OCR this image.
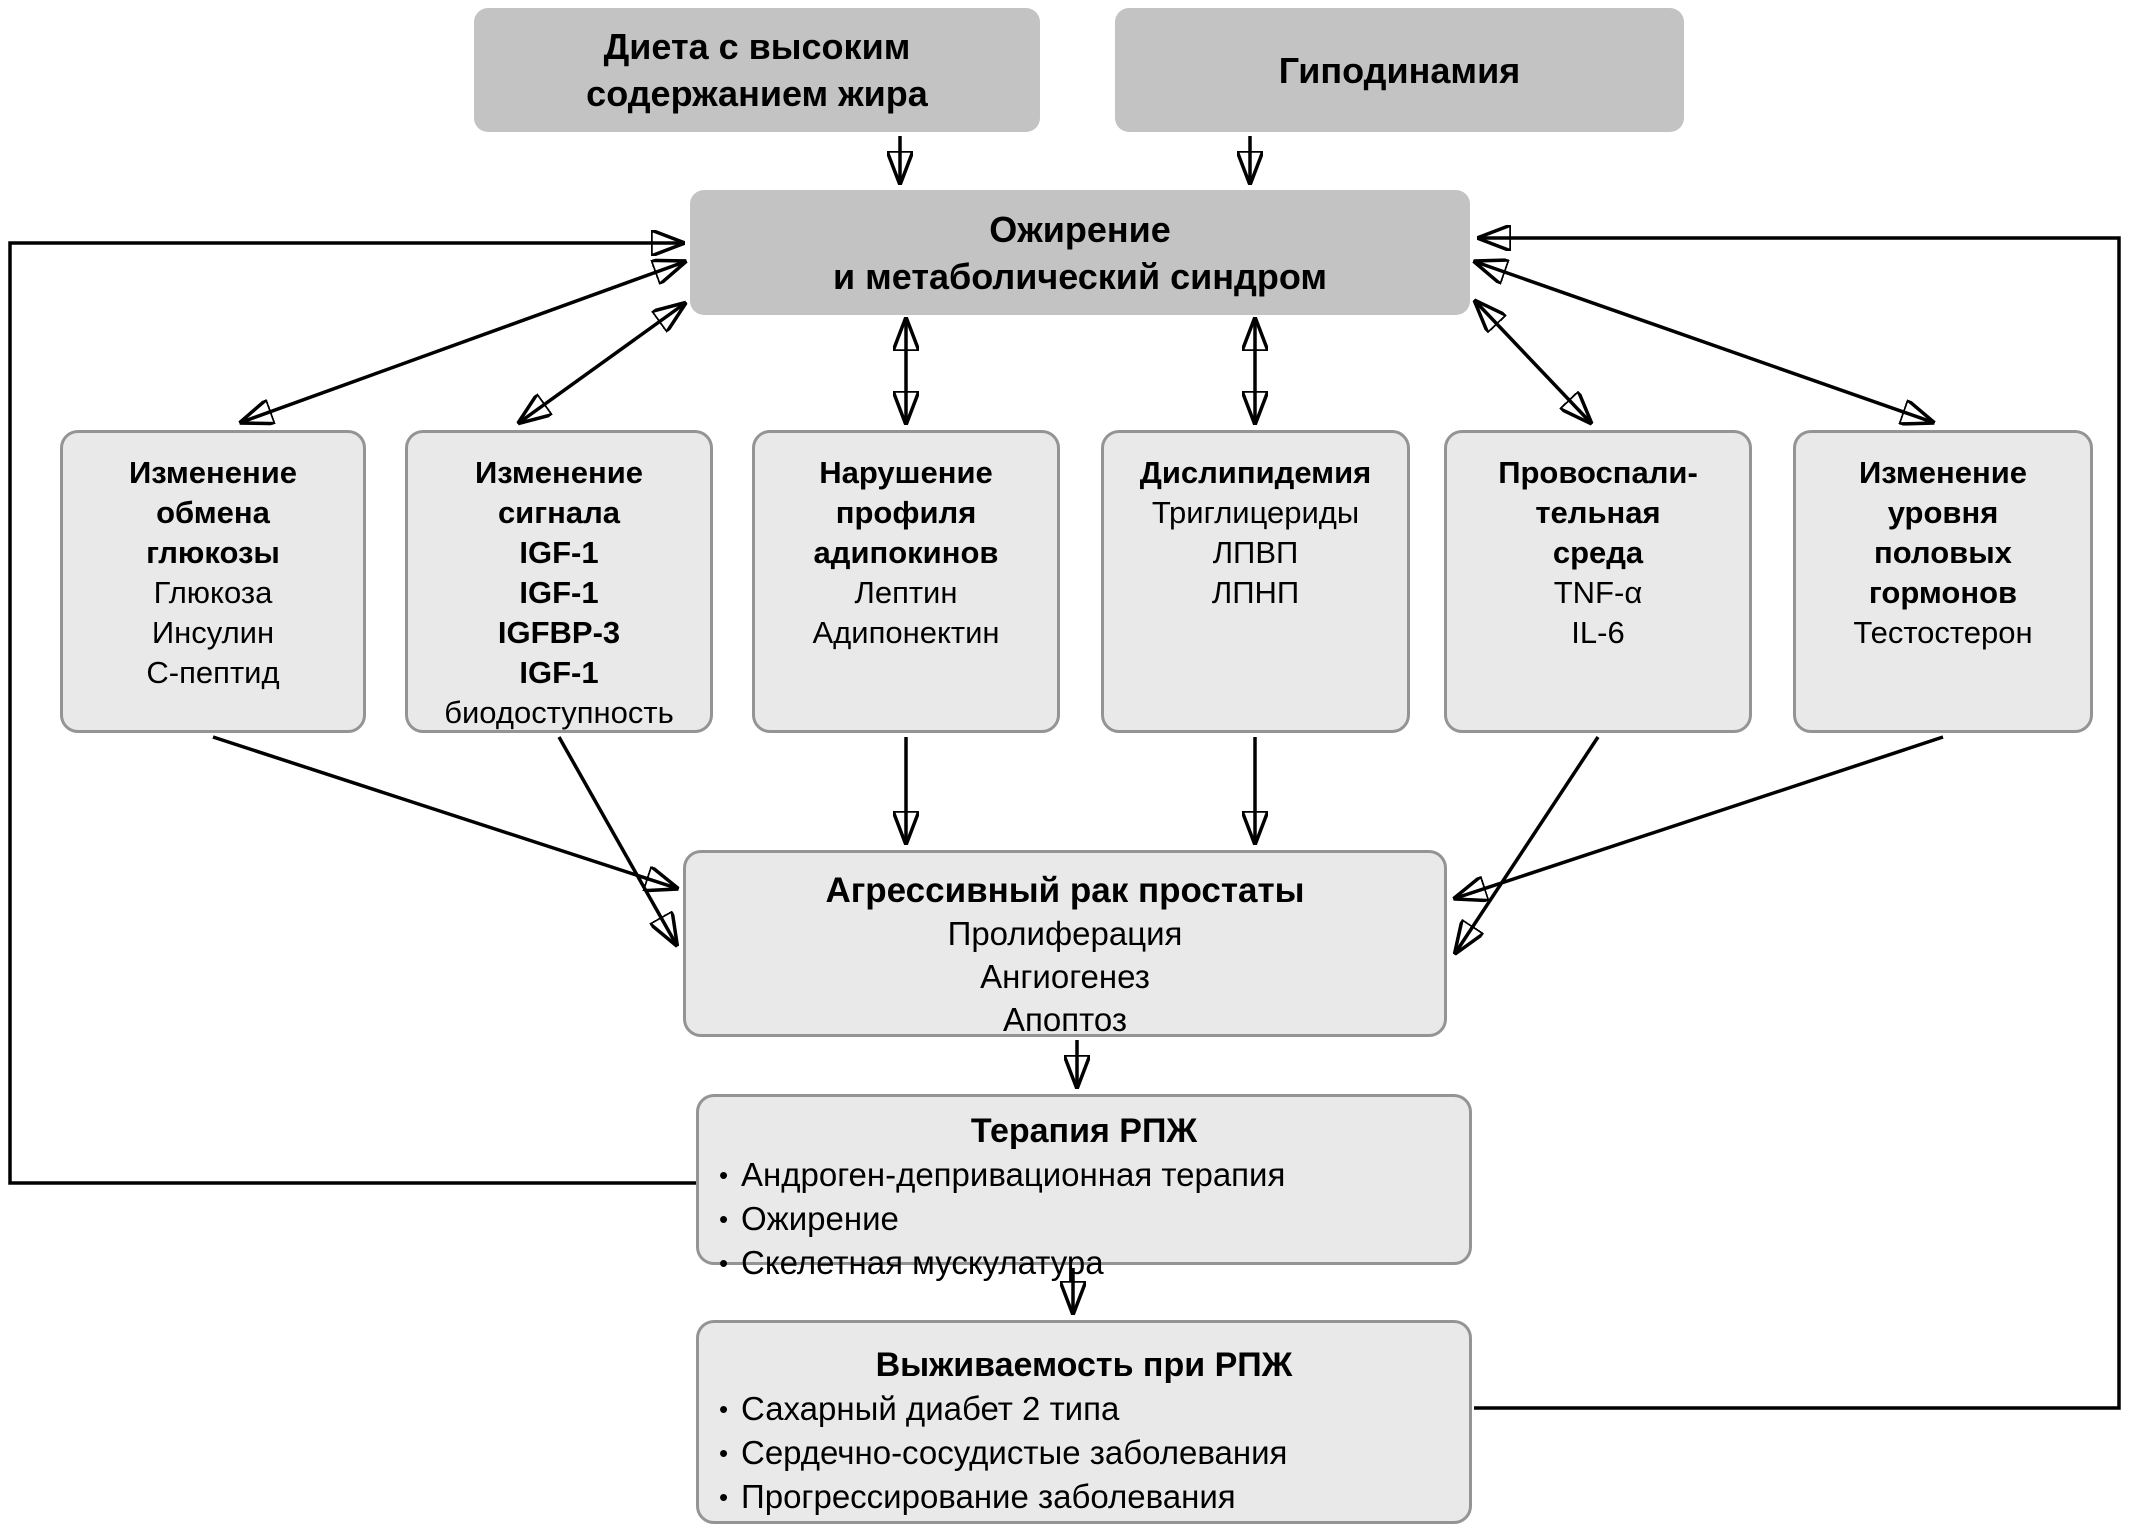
Диета с высоким
содержанием жира
Гиподинамия
Ожирение
и метаболический синдром
Изменение
обмена
глюкозы
Глюкоза
Инсулин
С-пептид
Изменение
сигнала
IGF-1
IGF-1
IGFBP-3
IGF-1
биодоступность
Нарушение
профиля
адипокинов
Лептин
Адипонектин
Дислипидемия
Триглицериды
ЛПВП
ЛПНП
Провоспали-
тельная
среда
TNF-α
IL-6
Изменение
уровня
половых
гормонов
Тестостерон
Агрессивный рак простаты
Пролиферация
Ангиогенез
Апоптоз
Терапия РПЖ
• Андроген-депривационная терапия
• Ожирение
• Скелетная мускулатура
Выживаемость при РПЖ
• Сахарный диабет 2 типа
• Сердечно-сосудистые заболевания
• Прогрессирование заболевания
